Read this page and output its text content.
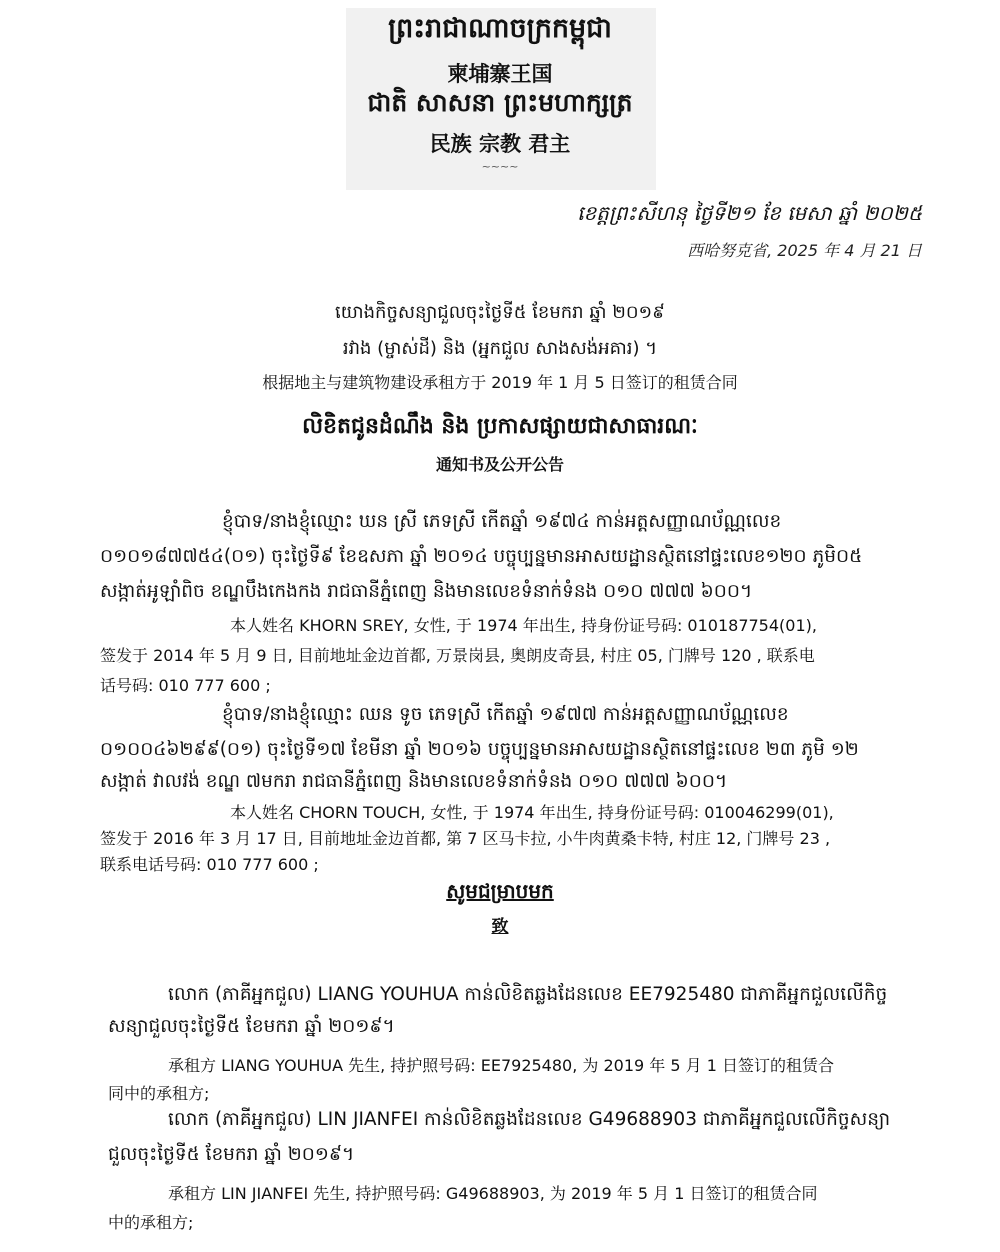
ព្រះរាជាណាចក្រកម្ពុជា
柬埔寨王国
ជាតិ សាសនា ព្រះមហាក្សត្រ
民族 宗教 君主
~~~~
ខេត្តព្រះសីហនុ ថ្ងៃទី២១ ខែ មេសា ឆ្នាំ ២០២៥
西哈努克省, 2025 年 4 月 21 日
យោងកិច្ចសន្យាជួលចុះថ្ងៃទី៥ ខែមករា ឆ្នាំ ២០១៩
រវាង (ម្ចាស់ដី) និង (អ្នកជួល សាងសង់អគារ) ។
根据地主与建筑物建设承租方于 2019 年 1 月 5 日签订的租赁合同
លិខិតជូនដំណឹង និង ប្រកាសផ្សាយជាសាធារណៈ
通知书及公开公告
ខ្ញុំបាទ/នាងខ្ញុំឈ្មោះ ឃន ស្រី ភេទស្រី កើតឆ្នាំ ១៩៧៤ កាន់អត្តសញ្ញាណប័ណ្ណលេខ
០១០១៨៧៧៥៤(០១) ចុះថ្ងៃទី៩ ខែឧសភា ឆ្នាំ ២០១៤ បច្ចុប្បន្នមានអាសយដ្ឋានស្ថិតនៅផ្ទះលេខ១២០ ភូមិ០៥
សង្កាត់អូឡាំពិច ខណ្ឌបឹងកេងកង រាជធានីភ្នំពេញ និងមានលេខទំនាក់ទំនង ០១០ ៧៧៧ ៦០០។
本人姓名 KHORN SREY, 女性, 于 1974 年出生, 持身份证号码: 010187754(01),
签发于 2014 年 5 月 9 日, 目前地址金边首都, 万景岗县, 奥朗皮奇县, 村庄 05, 门牌号 120 , 联系电
话号码: 010 777 600 ;
ខ្ញុំបាទ/នាងខ្ញុំឈ្មោះ ឈន ទូច ភេទស្រី កើតឆ្នាំ ១៩៧៧ កាន់អត្តសញ្ញាណប័ណ្ណលេខ
០១០០៤៦២៩៩(០១) ចុះថ្ងៃទី១៧ ខែមីនា ឆ្នាំ ២០១៦ បច្ចុប្បន្នមានអាសយដ្ឋានស្ថិតនៅផ្ទះលេខ ២៣ ភូមិ ១២
សង្កាត់ វាលវង់ ខណ្ឌ ៧មករា រាជធានីភ្នំពេញ និងមានលេខទំនាក់ទំនង ០១០ ៧៧៧ ៦០០។
本人姓名 CHORN TOUCH, 女性, 于 1974 年出生, 持身份证号码: 010046299(01),
签发于 2016 年 3 月 17 日, 目前地址金边首都, 第 7 区马卡拉, 小牛肉黄桑卡特, 村庄 12, 门牌号 23 ,
联系电话号码: 010 777 600 ;
សូមជម្រាបមក
致
លោក (ភាគីអ្នកជួល) LIANG YOUHUA កាន់លិខិតឆ្លងដែនលេខ EE7925480 ជាភាគីអ្នកជួលលើកិច្ច
សន្យាជួលចុះថ្ងៃទី៥ ខែមករា ឆ្នាំ ២០១៩។
承租方 LIANG YOUHUA 先生, 持护照号码: EE7925480, 为 2019 年 5 月 1 日签订的租赁合
同中的承租方;
លោក (ភាគីអ្នកជួល) LIN JIANFEI កាន់លិខិតឆ្លងដែនលេខ G49688903 ជាភាគីអ្នកជួលលើកិច្ចសន្យា
ជួលចុះថ្ងៃទី៥ ខែមករា ឆ្នាំ ២០១៩។
承租方 LIN JIANFEI 先生, 持护照号码: G49688903, 为 2019 年 5 月 1 日签订的租赁合同
中的承租方;
